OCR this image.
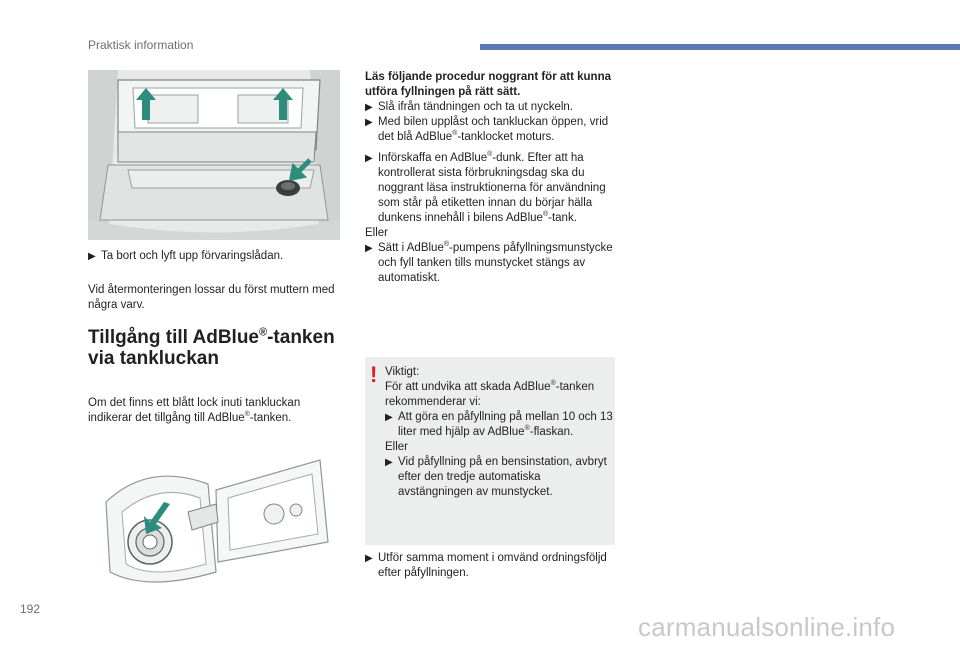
Praktisk information
▶ Ta bort och lyft upp förvaringslådan.
Vid återmonteringen lossar du först muttern med några varv.
Tillgång till AdBlue®-tanken via tankluckan
Om det finns ett blått lock inuti tankluckan indikerar det tillgång till AdBlue®-tanken.
Läs följande procedur noggrant för att kunna utföra fyllningen på rätt sätt.
▶ Slå ifrån tändningen och ta ut nyckeln.
▶ Med bilen upplåst och tankluckan öppen, vrid det blå AdBlue®-tanklocket moturs.
▶ Införskaffa en AdBlue®-dunk. Efter att ha kontrollerat sista förbrukningsdag ska du noggrant läsa instruktionerna för användning som står på etiketten innan du börjar hälla dunkens innehåll i bilens AdBlue®-tank.
Eller
▶ Sätt i AdBlue®-pumpens påfyllningsmunstycke och fyll tanken tills munstycket stängs av automatiskt.
! Viktigt:
För att undvika att skada AdBlue®-tanken rekommenderar vi:
▶ Att göra en påfyllning på mellan 10 och 13 liter med hjälp av AdBlue®-flaskan.
Eller
▶ Vid påfyllning på en bensinstation, avbryt efter den tredje automatiska avstängningen av munstycket.
▶ Utför samma moment i omvänd ordningsföljd efter påfyllningen.
192
carmanualsonline.info
